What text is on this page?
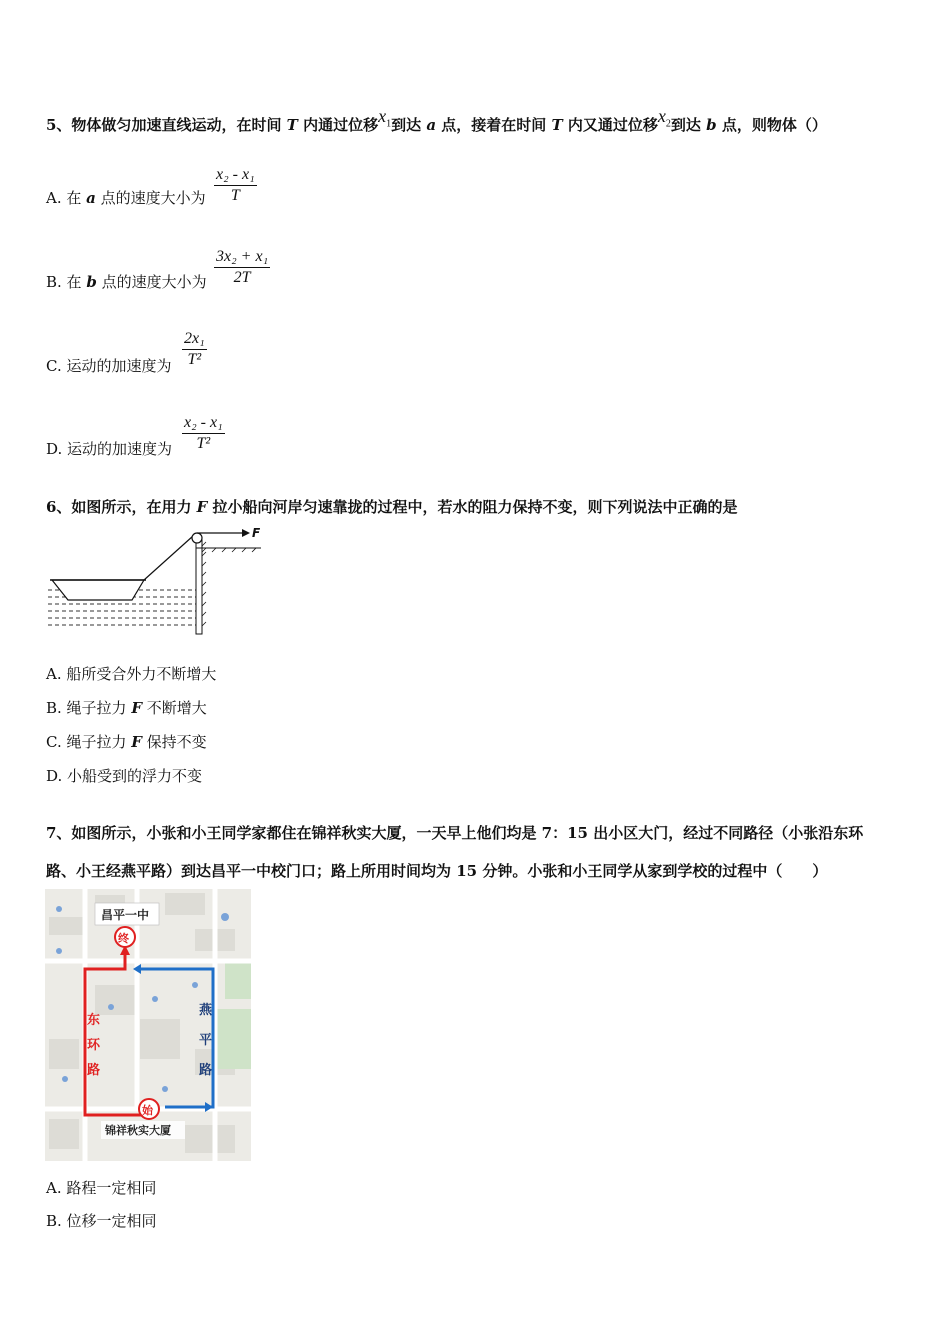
5、物体做匀加速直线运动，在时间 T 内通过位移$x_1$到达 a 点，接着在时间 T 内又通过位移$x_2$到达 b 点，则物体（）
A. 在 a 点的速度大小为 $\frac{\text{x₂ - x₁}}{T}$
B. 在 b 点的速度大小为 $\frac{\text{3x₂ + x₁}}{2T}$
C. 运动的加速度为 $\frac{\text{2x₁}}{\text{T²}}$
D. 运动的加速度为 $\frac{\text{x₂ - x₁}}{\text{T²}}$
6、如图所示，在用力 F 拉小船向河岸匀速靠拢的过程中，若水的阻力保持不变，则下列说法中正确的是
F
A. 船所受合外力不断增大
B. 绳子拉力 F 不断增大
C. 绳子拉力 F 保持不变
D. 小船受到的浮力不变
7、如图所示，小张和小王同学家都住在锦祥秋实大厦，一天早上他们均是 7：15 出小区大门，经过不同路径（小张沿东环
路、小王经燕平路）到达昌平一中校门口；路上所用时间均为 15 分钟。小张和小王同学从家到学校的过程中（　　）
昌平一中
东
环
路
燕
平
路
终
始
锦祥秋实大厦
A. 路程一定相同
B. 位移一定相同
